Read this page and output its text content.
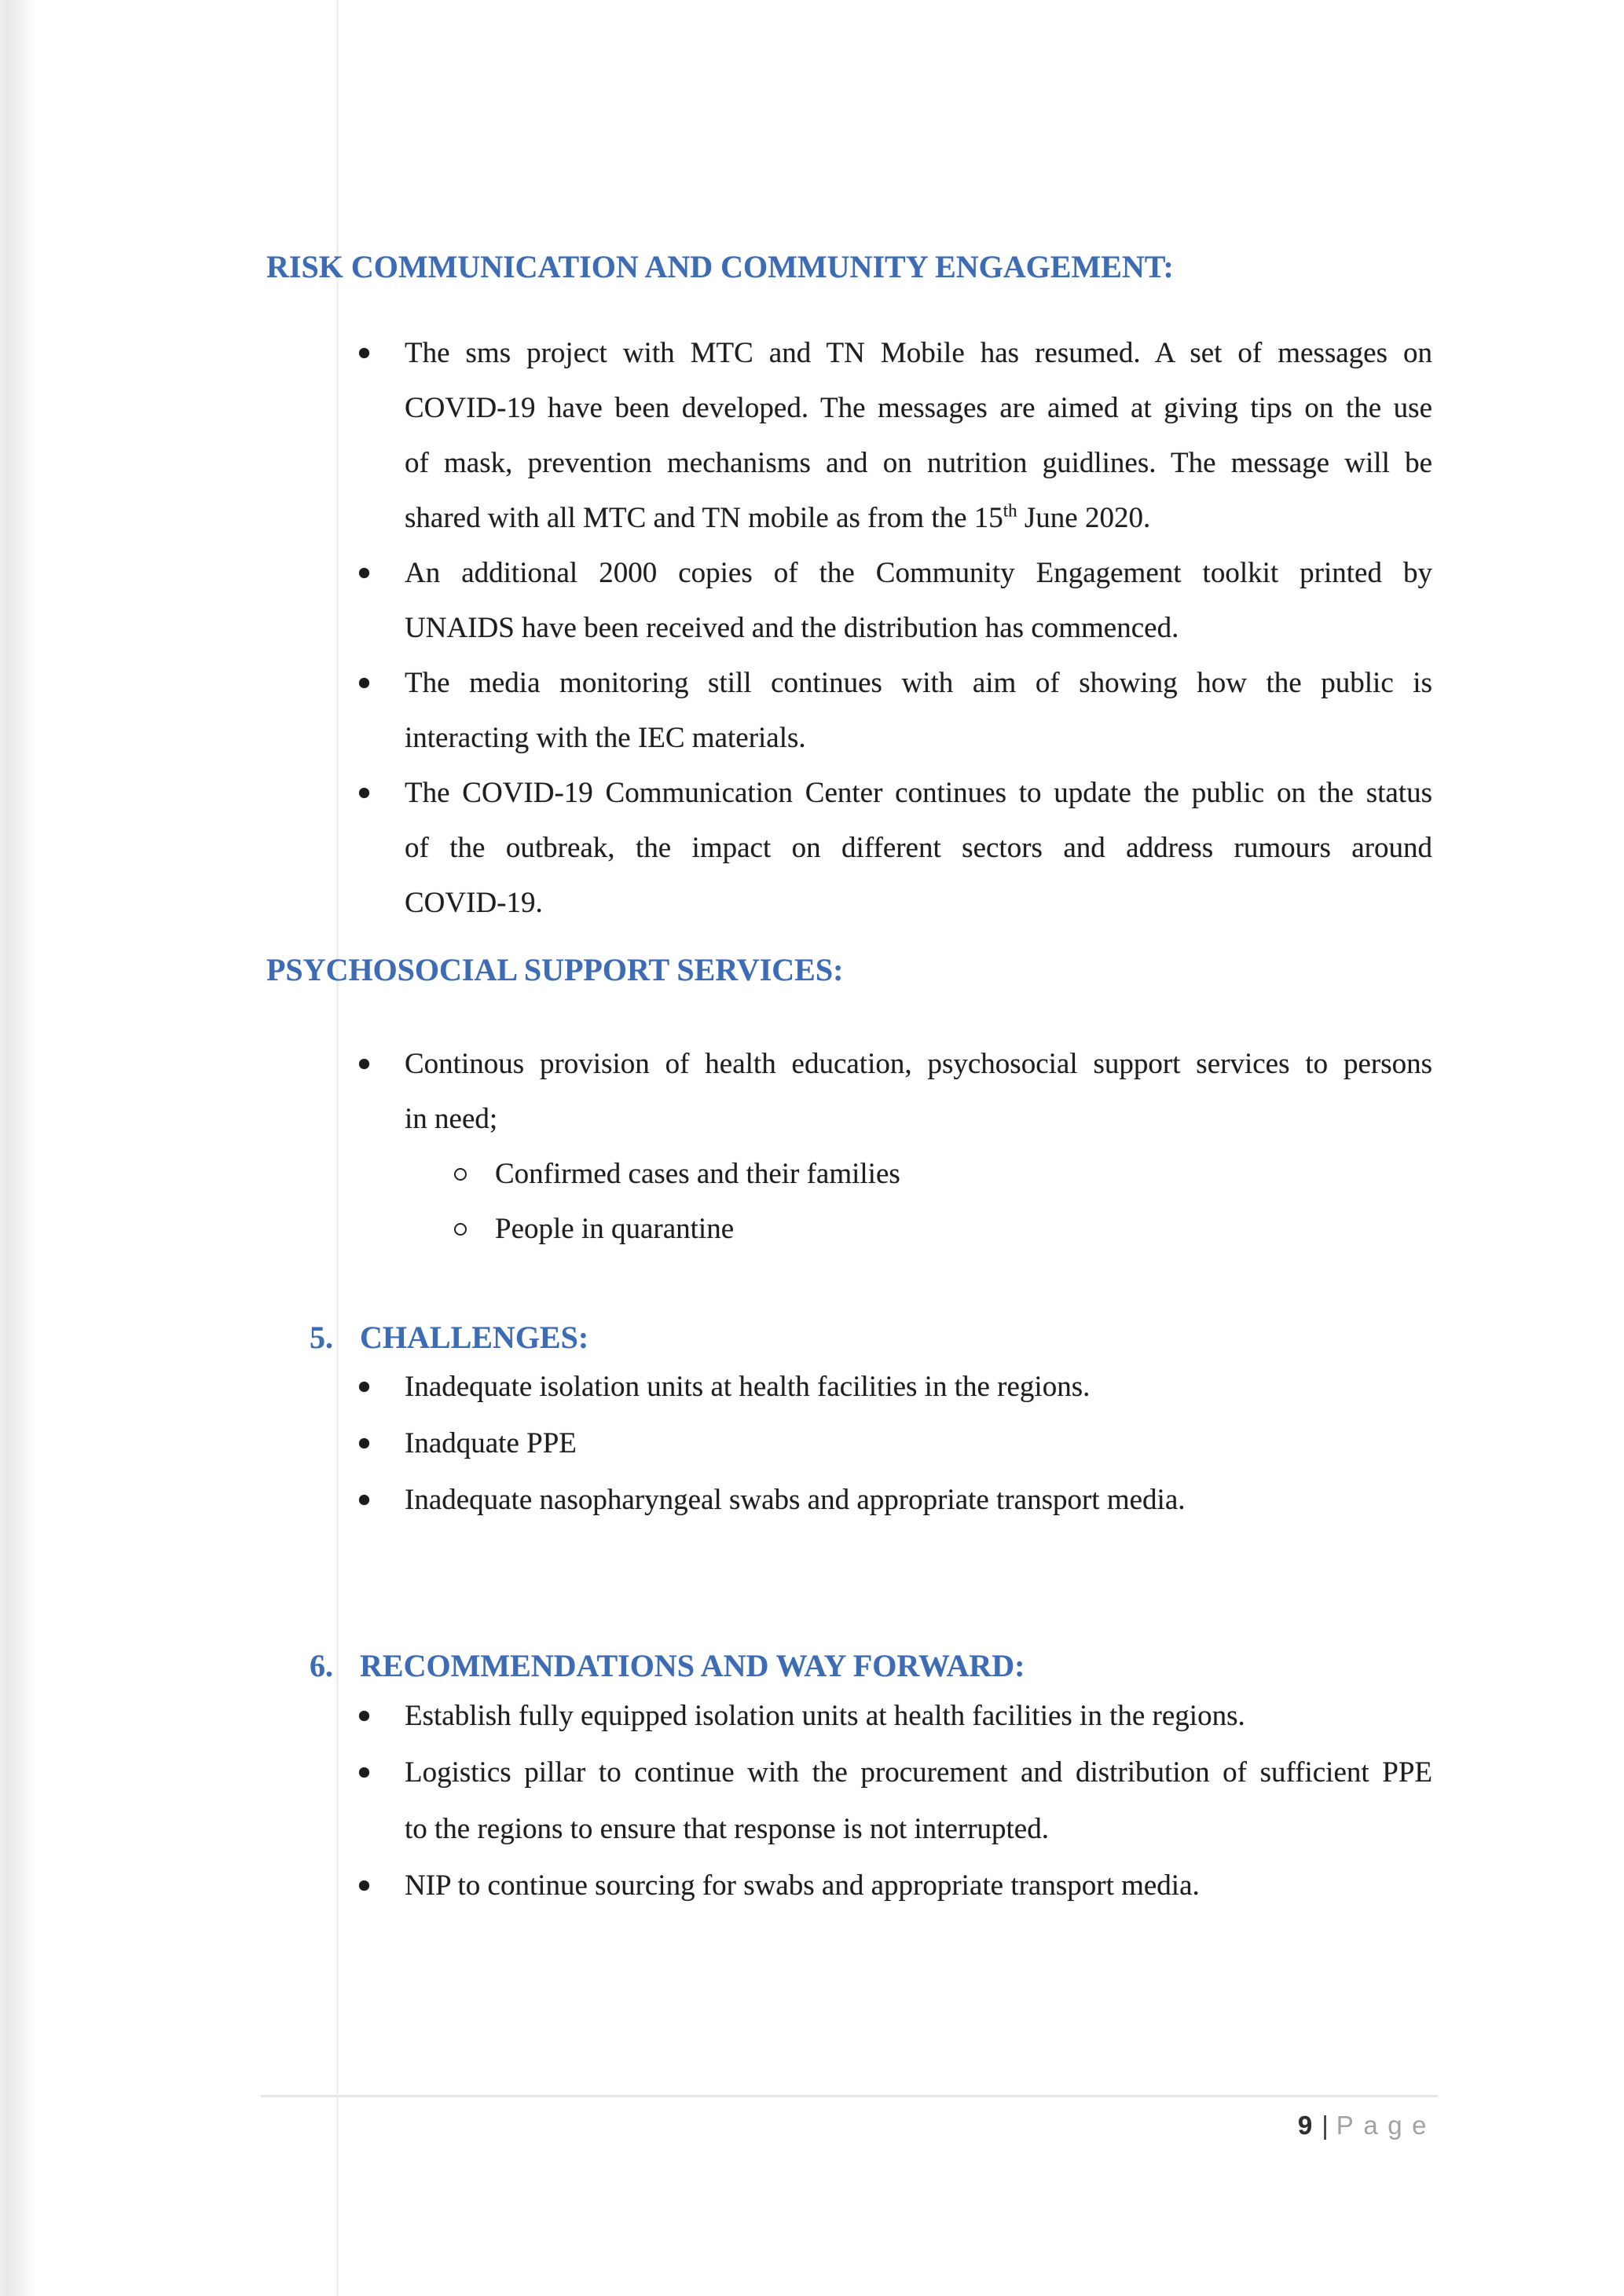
RISK COMMUNICATION AND COMMUNITY ENGAGEMENT:
The sms project with MTC and TN Mobile has resumed. A set of messages on
COVID-19 have been developed. The messages are aimed at giving tips on the use
of mask, prevention mechanisms and on nutrition guidlines. The message will be
shared with all MTC and TN mobile as from the 15th June 2020.
An additional 2000 copies of the Community Engagement toolkit printed by
UNAIDS have been received and the distribution has commenced.
The media monitoring still continues with aim of showing how the public is
interacting with the IEC materials.
The COVID-19 Communication Center continues to update the public on the status
of the outbreak, the impact on different sectors and address rumours around
COVID-19.
PSYCHOSOCIAL SUPPORT SERVICES:
Continous provision of health education, psychosocial support services to persons
in need;
Confirmed cases and their families
People in quarantine
5. CHALLENGES:
Inadequate isolation units at health facilities in the regions.
Inadquate PPE
Inadequate nasopharyngeal swabs and appropriate transport media.
6. RECOMMENDATIONS AND WAY FORWARD:
Establish fully equipped isolation units at health facilities in the regions.
Logistics pillar to continue with the procurement and distribution of sufficient PPE
to the regions to ensure that response is not interrupted.
NIP to continue sourcing for swabs and appropriate transport media.
9 | Page
